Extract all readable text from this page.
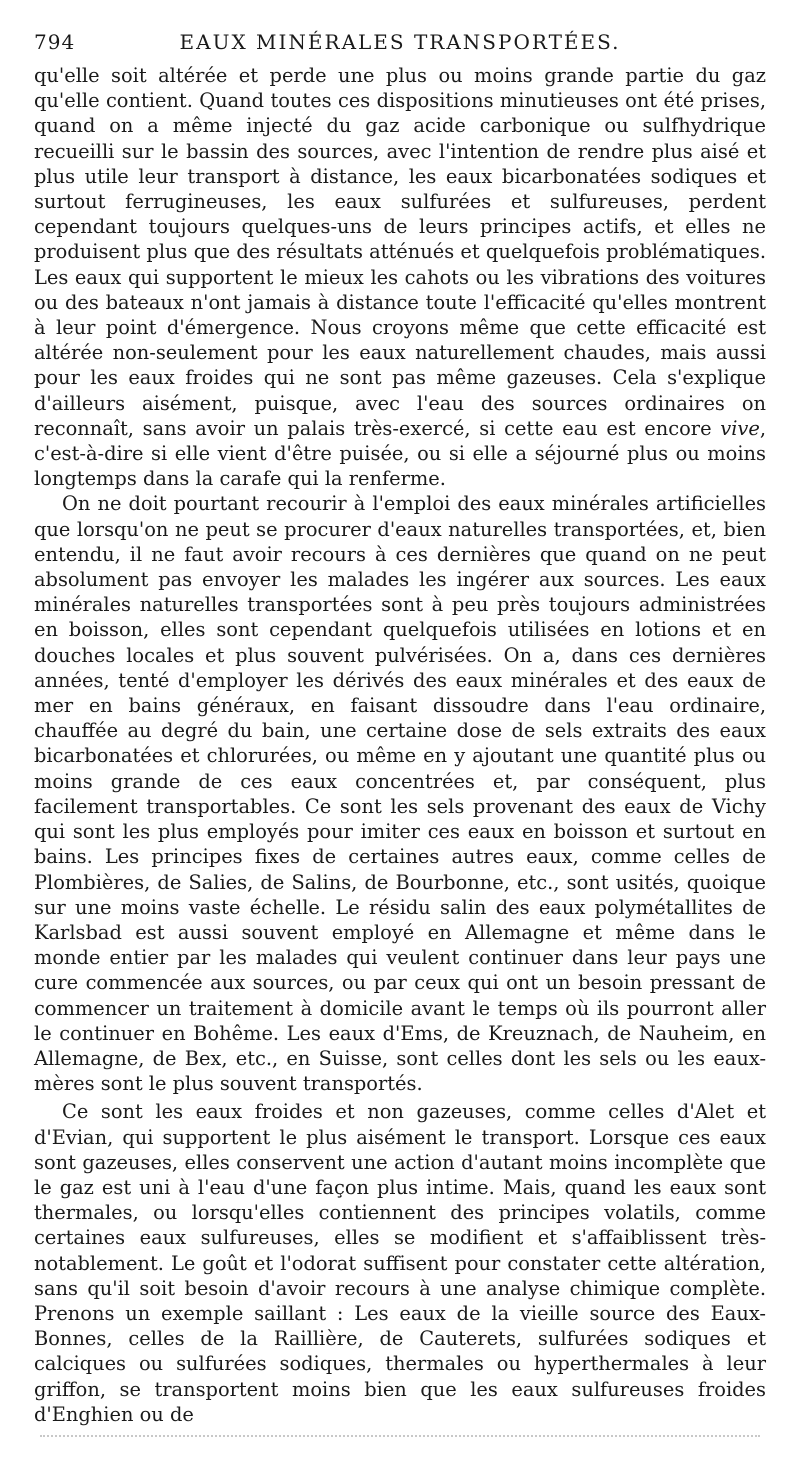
794	EAUX MINÉRALES TRANSPORTÉES.

qu'elle soit altérée et perde une plus ou moins grande partie du gaz qu'elle contient. Quand toutes ces dispositions minutieuses ont été prises, quand on a même injecté du gaz acide carbonique ou sulfhydrique recueilli sur le bassin des sources, avec l'intention de rendre plus aisé et plus utile leur transport à distance, les eaux bicarbonatées sodiques et surtout ferrugineuses, les eaux sulfurées et sulfureuses, perdent cependant toujours quelques-uns de leurs principes actifs, et elles ne produisent plus que des résultats atténués et quelquefois problématiques. Les eaux qui supportent le mieux les cahots ou les vibrations des voitures ou des bateaux n'ont jamais à distance toute l'efficacité qu'elles montrent à leur point d'émergence. Nous croyons même que cette efficacité est altérée non-seulement pour les eaux naturellement chaudes, mais aussi pour les eaux froides qui ne sont pas même gazeuses. Cela s'explique d'ailleurs aisément, puisque, avec l'eau des sources ordinaires on reconnaît, sans avoir un palais très-exercé, si cette eau est encore vive, c'est-à-dire si elle vient d'être puisée, ou si elle a séjourné plus ou moins longtemps dans la carafe qui la renferme.

On ne doit pourtant recourir à l'emploi des eaux minérales artificielles que lorsqu'on ne peut se procurer d'eaux naturelles transportées, et, bien entendu, il ne faut avoir recours à ces dernières que quand on ne peut absolument pas envoyer les malades les ingérer aux sources. Les eaux minérales naturelles transportées sont à peu près toujours administrées en boisson, elles sont cependant quelquefois utilisées en lotions et en douches locales et plus souvent pulvérisées. On a, dans ces dernières années, tenté d'employer les dérivés des eaux minérales et des eaux de mer en bains généraux, en faisant dissoudre dans l'eau ordinaire, chauffée au degré du bain, une certaine dose de sels extraits des eaux bicarbonatées et chlorurées, ou même en y ajoutant une quantité plus ou moins grande de ces eaux concentrées et, par conséquent, plus facilement transportables. Ce sont les sels provenant des eaux de Vichy qui sont les plus employés pour imiter ces eaux en boisson et surtout en bains. Les principes fixes de certaines autres eaux, comme celles de Plombières, de Salies, de Salins, de Bourbonne, etc., sont usités, quoique sur une moins vaste échelle. Le résidu salin des eaux polymétallites de Karlsbad est aussi souvent employé en Allemagne et même dans le monde entier par les malades qui veulent continuer dans leur pays une cure commencée aux sources, ou par ceux qui ont un besoin pressant de commencer un traitement à domicile avant le temps où ils pourront aller le continuer en Bohême. Les eaux d'Ems, de Kreuznach, de Nauheim, en Allemagne, de Bex, etc., en Suisse, sont celles dont les sels ou les eaux-mères sont le plus souvent transportés.

Ce sont les eaux froides et non gazeuses, comme celles d'Alet et d'Evian, qui supportent le plus aisément le transport. Lorsque ces eaux sont gazeuses, elles conservent une action d'autant moins incomplète que le gaz est uni à l'eau d'une façon plus intime. Mais, quand les eaux sont thermales, ou lorsqu'elles contiennent des principes volatils, comme certaines eaux sulfureuses, elles se modifient et s'affaiblissent très-notablement. Le goût et l'odorat suffisent pour constater cette altération, sans qu'il soit besoin d'avoir recours à une analyse chimique complète. Prenons un exemple saillant : Les eaux de la vieille source des Eaux-Bonnes, celles de la Raillière, de Cauterets, sulfurées sodiques et calciques ou sulfurées sodiques, thermales ou hyperthermales à leur griffon, se transportent moins bien que les eaux sulfureuses froides d'Enghien ou de
